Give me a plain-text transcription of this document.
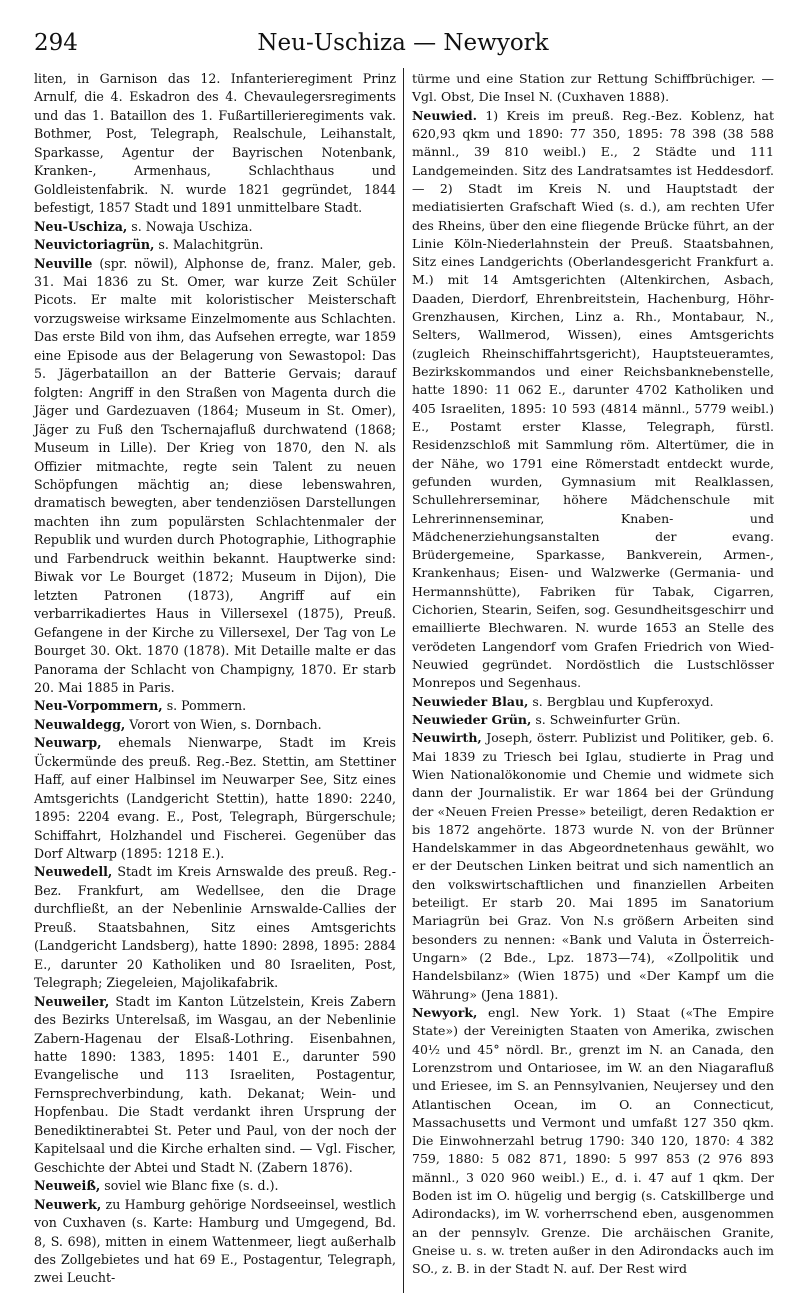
294	Neu-Uschiza — Newyork

liten, in Garnison das 12. Infanterieregiment Prinz Arnulf, die 4. Eskadron des 4. Chevaulegersregiments und das 1. Bataillon des 1. Fußartillerieregiments vak. Bothmer, Post, Telegraph, Realschule, Leihanstalt, Sparkasse, Agentur der Bayrischen Notenbank, Kranken-, Armenhaus, Schlachthaus und Goldleistenfabrik. N. wurde 1821 gegründet, 1844 befestigt, 1857 Stadt und 1891 unmittelbare Stadt.

Neu-Uschiza, s. Nowaja Uschiza.

Neuvictoriagrün, s. Malachitgrün.

Neuville (spr. nöwil), Alphonse de, franz. Maler, geb. 31. Mai 1836 zu St. Omer, war kurze Zeit Schüler Picots. Er malte mit koloristischer Meisterschaft vorzugsweise wirksame Einzelmomente aus Schlachten. Das erste Bild von ihm, das Aufsehen erregte, war 1859 eine Episode aus der Belagerung von Sewastopol: Das 5. Jägerbataillon an der Batterie Gervais; darauf folgten: Angriff in den Straßen von Magenta durch die Jäger und Gardezuaven (1864; Museum in St. Omer), Jäger zu Fuß den Tschernajafluß durchwatend (1868; Museum in Lille). Der Krieg von 1870, den N. als Offizier mitmachte, regte sein Talent zu neuen Schöpfungen mächtig an; diese lebenswahren, dramatisch bewegten, aber tendenziösen Darstellungen machten ihn zum populärsten Schlachtenmaler der Republik und wurden durch Photographie, Lithographie und Farbendruck weithin bekannt. Hauptwerke sind: Biwak vor Le Bourget (1872; Museum in Dijon), Die letzten Patronen (1873), Angriff auf ein verbarrikadiertes Haus in Villersexel (1875), Preuß. Gefangene in der Kirche zu Villersexel, Der Tag von Le Bourget 30. Okt. 1870 (1878). Mit Detaille malte er das Panorama der Schlacht von Champigny, 1870. Er starb 20. Mai 1885 in Paris.

Neu-Vorpommern, s. Pommern.

Neuwaldegg, Vorort von Wien, s. Dornbach.

Neuwarp, ehemals Nienwarpe, Stadt im Kreis Ückermünde des preuß. Reg.-Bez. Stettin, am Stettiner Haff, auf einer Halbinsel im Neuwarper See, Sitz eines Amtsgerichts (Landgericht Stettin), hatte 1890: 2240, 1895: 2204 evang. E., Post, Telegraph, Bürgerschule; Schiffahrt, Holzhandel und Fischerei. Gegenüber das Dorf Altwarp (1895: 1218 E.).

Neuwedell, Stadt im Kreis Arnswalde des preuß. Reg.-Bez. Frankfurt, am Wedellsee, den die Drage durchfließt, an der Nebenlinie Arnswalde-Callies der Preuß. Staatsbahnen, Sitz eines Amtsgerichts (Landgericht Landsberg), hatte 1890: 2898, 1895: 2884 E., darunter 20 Katholiken und 80 Israeliten, Post, Telegraph; Ziegeleien, Majolikafabrik.

Neuweiler, Stadt im Kanton Lützelstein, Kreis Zabern des Bezirks Unterelsaß, im Wasgau, an der Nebenlinie Zabern-Hagenau der Elsaß-Lothring. Eisenbahnen, hatte 1890: 1383, 1895: 1401 E., darunter 590 Evangelische und 113 Israeliten, Postagentur, Fernsprechverbindung, kath. Dekanat; Wein- und Hopfenbau. Die Stadt verdankt ihren Ursprung der Benediktinerabtei St. Peter und Paul, von der noch der Kapitelsaal und die Kirche erhalten sind. — Vgl. Fischer, Geschichte der Abtei und Stadt N. (Zabern 1876).

Neuweiß, soviel wie Blanc fixe (s. d.).

Neuwerk, zu Hamburg gehörige Nordseeinsel, westlich von Cuxhaven (s. Karte: Hamburg und Umgegend, Bd. 8, S. 698), mitten in einem Wattenmeer, liegt außerhalb des Zollgebietes und hat 69 E., Postagentur, Telegraph, zwei Leucht-

türme und eine Station zur Rettung Schiffbrüchiger. — Vgl. Obst, Die Insel N. (Cuxhaven 1888).

Neuwied. 1) Kreis im preuß. Reg.-Bez. Koblenz, hat 620,93 qkm und 1890: 77 350, 1895: 78 398 (38 588 männl., 39 810 weibl.) E., 2 Städte und 111 Landgemeinden. Sitz des Landratsamtes ist Heddesdorf. — 2) Stadt im Kreis N. und Hauptstadt der mediatisierten Grafschaft Wied (s. d.), am rechten Ufer des Rheins, über den eine fliegende Brücke führt, an der Linie Köln-Niederlahnstein der Preuß. Staatsbahnen, Sitz eines Landgerichts (Oberlandesgericht Frankfurt a. M.) mit 14 Amtsgerichten (Altenkirchen, Asbach, Daaden, Dierdorf, Ehrenbreitstein, Hachenburg, Höhr-Grenzhausen, Kirchen, Linz a. Rh., Montabaur, N., Selters, Wallmerod, Wissen), eines Amtsgerichts (zugleich Rheinschiffahrtsgericht), Hauptsteueramtes, Bezirkskommandos und einer Reichsbanknebenstelle, hatte 1890: 11 062 E., darunter 4702 Katholiken und 405 Israeliten, 1895: 10 593 (4814 männl., 5779 weibl.) E., Postamt erster Klasse, Telegraph, fürstl. Residenzschloß mit Sammlung röm. Altertümer, die in der Nähe, wo 1791 eine Römerstadt entdeckt wurde, gefunden wurden, Gymnasium mit Realklassen, Schullehrerseminar, höhere Mädchenschule mit Lehrerinnenseminar, Knaben- und Mädchenerziehungsanstalten der evang. Brüdergemeine, Sparkasse, Bankverein, Armen-, Krankenhaus; Eisen- und Walzwerke (Germania- und Hermannshütte), Fabriken für Tabak, Cigarren, Cichorien, Stearin, Seifen, sog. Gesundheitsgeschirr und emaillierte Blechwaren. N. wurde 1653 an Stelle des verödeten Langendorf vom Grafen Friedrich von Wied-Neuwied gegründet. Nordöstlich die Lustschlösser Monrepos und Segenhaus.

Neuwieder Blau, s. Bergblau und Kupferoxyd.

Neuwieder Grün, s. Schweinfurter Grün.

Neuwirth, Joseph, österr. Publizist und Politiker, geb. 6. Mai 1839 zu Triesch bei Iglau, studierte in Prag und Wien Nationalökonomie und Chemie und widmete sich dann der Journalistik. Er war 1864 bei der Gründung der «Neuen Freien Presse» beteiligt, deren Redaktion er bis 1872 angehörte. 1873 wurde N. von der Brünner Handelskammer in das Abgeordnetenhaus gewählt, wo er der Deutschen Linken beitrat und sich namentlich an den volkswirtschaftlichen und finanziellen Arbeiten beteiligt. Er starb 20. Mai 1895 im Sanatorium Mariagrün bei Graz. Von N.s größern Arbeiten sind besonders zu nennen: «Bank und Valuta in Österreich-Ungarn» (2 Bde., Lpz. 1873—74), «Zollpolitik und Handelsbilanz» (Wien 1875) und «Der Kampf um die Währung» (Jena 1881).

Newyork, engl. New York. 1) Staat («The Empire State») der Vereinigten Staaten von Amerika, zwischen 40½ und 45° nördl. Br., grenzt im N. an Canada, den Lorenzstrom und Ontariosee, im W. an den Niagarafluß und Eriesee, im S. an Pennsylvanien, Neujersey und den Atlantischen Ocean, im O. an Connecticut, Massachusetts und Vermont und umfaßt 127 350 qkm. Die Einwohnerzahl betrug 1790: 340 120, 1870: 4 382 759, 1880: 5 082 871, 1890: 5 997 853 (2 976 893 männl., 3 020 960 weibl.) E., d. i. 47 auf 1 qkm. Der Boden ist im O. hügelig und bergig (s. Catskillberge und Adirondacks), im W. vorherrschend eben, ausgenommen an der pennsylv. Grenze. Die archäischen Granite, Gneise u. s. w. treten außer in den Adirondacks auch im SO., z. B. in der Stadt N. auf. Der Rest wird
